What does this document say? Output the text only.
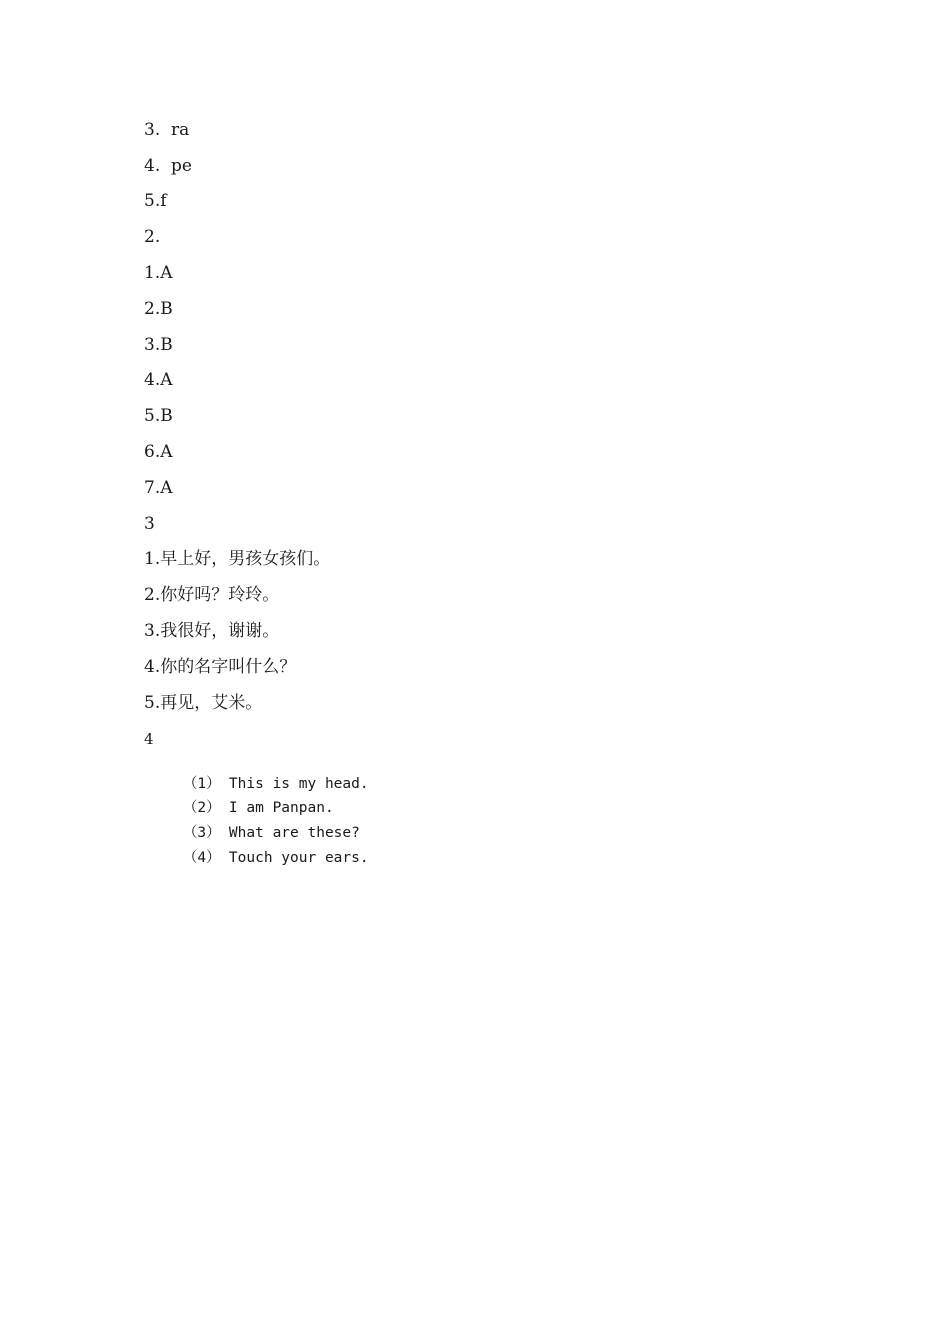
3.  ra
4.  pe
5.f
2.
1.A
2.B
3.B
4.A
5.B
6.A
7.A
3
1.早上好，男孩女孩们。
2.你好吗？玲玲。
3.我很好，谢谢。
4.你的名字叫什么？
5.再见，艾米。
4

（1） This is my head.

（2） I am Panpan.

（3） What are these?

（4） Touch your ears.
